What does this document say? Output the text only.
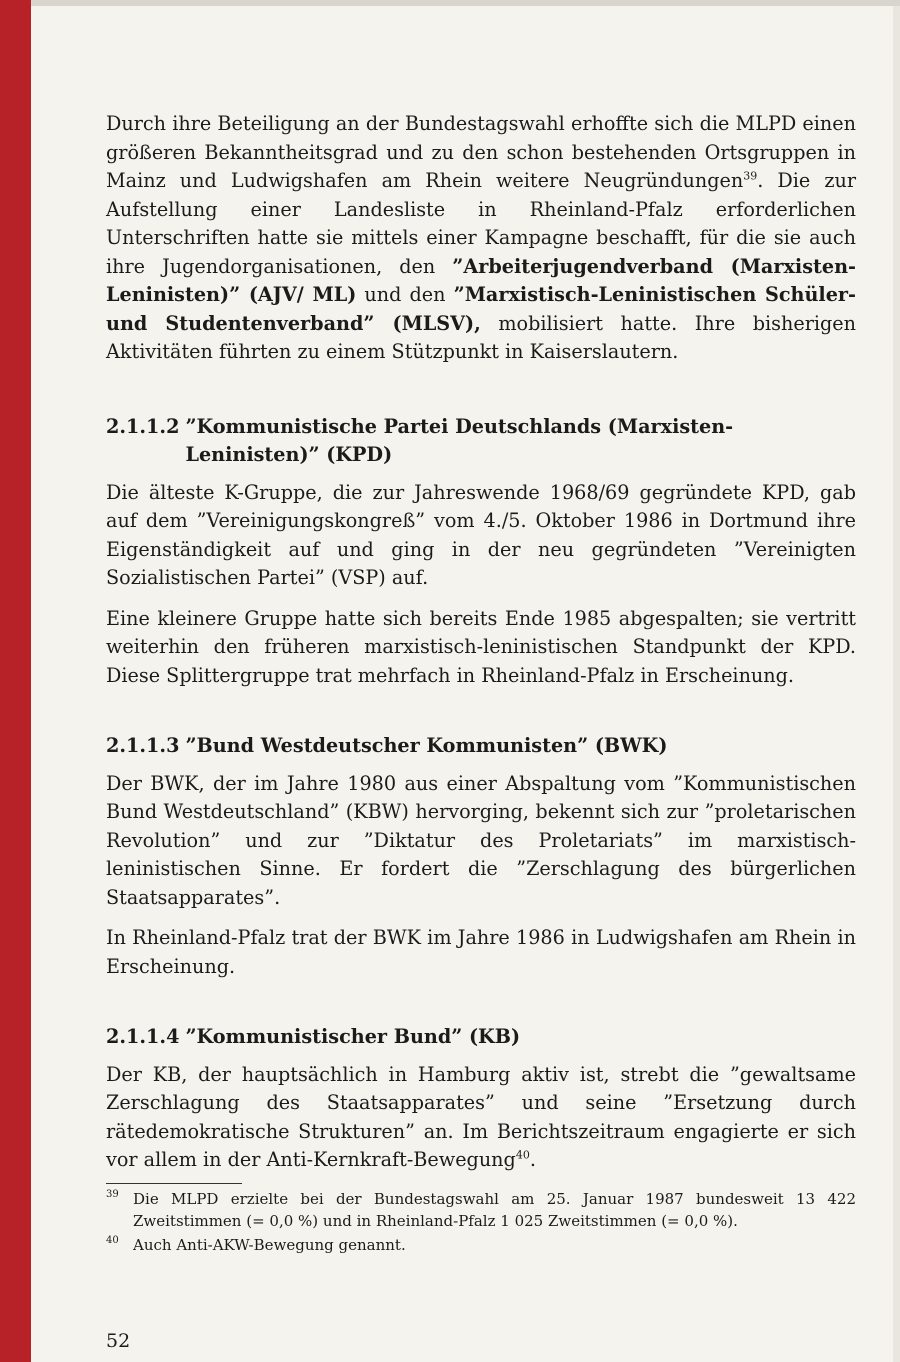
Durch ihre Beteiligung an der Bundestagswahl erhoffte sich die MLPD einen größeren Bekanntheitsgrad und zu den schon bestehenden Ortsgruppen in Mainz und Ludwigshafen am Rhein weitere Neugründungen$^{39}$. Die zur Aufstellung einer Landesliste in Rheinland-Pfalz erforderlichen Unterschriften hatte sie mittels einer Kampagne beschafft, für die sie auch ihre Jugendorganisationen, den ”Arbeiterjugendverband (Marxisten-Leninisten)” (AJV/ ML) und den ”Marxistisch-Leninistischen Schüler- und Studentenverband” (MLSV), mobilisiert hatte. Ihre bisherigen Aktivitäten führten zu einem Stützpunkt in Kaiserslautern.

2.1.1.2 ”Kommunistische Partei Deutschlands (Marxisten-Leninisten)” (KPD)

Die älteste K-Gruppe, die zur Jahreswende 1968/69 gegründete KPD, gab auf dem ”Vereinigungskongreß” vom 4./5. Oktober 1986 in Dortmund ihre Eigenständigkeit auf und ging in der neu gegründeten ”Vereinigten Sozialistischen Partei” (VSP) auf.

Eine kleinere Gruppe hatte sich bereits Ende 1985 abgespalten; sie vertritt weiterhin den früheren marxistisch-leninistischen Standpunkt der KPD. Diese Splittergruppe trat mehrfach in Rheinland-Pfalz in Erscheinung.

2.1.1.3 ”Bund Westdeutscher Kommunisten” (BWK)

Der BWK, der im Jahre 1980 aus einer Abspaltung vom ”Kommunistischen Bund Westdeutschland” (KBW) hervorging, bekennt sich zur ”proletarischen Revolution” und zur ”Diktatur des Proletariats” im marxistisch-leninistischen Sinne. Er fordert die ”Zerschlagung des bürgerlichen Staatsapparates”.

In Rheinland-Pfalz trat der BWK im Jahre 1986 in Ludwigshafen am Rhein in Erscheinung.

2.1.1.4 ”Kommunistischer Bund” (KB)

Der KB, der hauptsächlich in Hamburg aktiv ist, strebt die ”gewaltsame Zerschlagung des Staatsapparates” und seine ”Ersetzung durch rätedemokratische Strukturen” an. Im Berichtszeitraum engagierte er sich vor allem in der Anti-Kernkraft-Bewegung$^{40}$.

39 Die MLPD erzielte bei der Bundestagswahl am 25. Januar 1987 bundesweit 13 422 Zweitstimmen (= 0,0 %) und in Rheinland-Pfalz 1 025 Zweitstimmen (= 0,0 %).
40 Auch Anti-AKW-Bewegung genannt.
52
